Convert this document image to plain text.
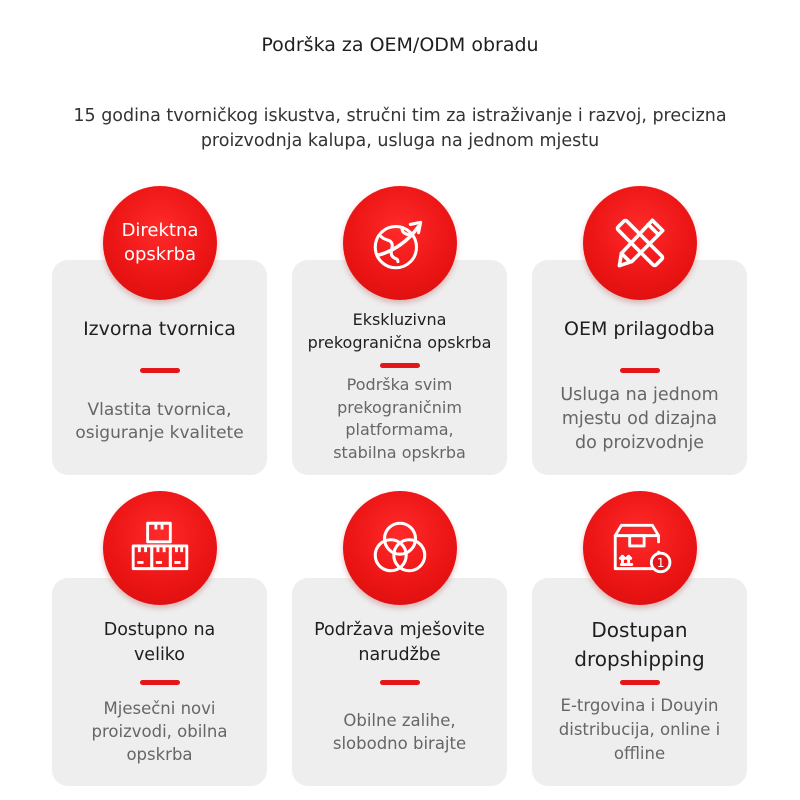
Podrška za OEM/ODM obradu
15 godina tvorničkog iskustva, stručni tim za istraživanje i razvoj, precizna
proizvodnja kalupa, usluga na jednom mjestu
Izvorna tvornica
Vlastita tvornica,
osiguranje kvalitete
Direktna
opskrba
Ekskluzivna
prekogranična opskrba
Podrška svim
prekograničnim
platformama,
stabilna opskrba
OEM prilagodba
Usluga na jednom
mjestu od dizajna
do proizvodnje
Dostupno na
veliko
Mjesečni novi
proizvodi, obilna
opskrba
Podržava mješovite
narudžbe
Obilne zalihe,
slobodno birajte
Dostupan
dropshipping
E-trgovina i Douyin
distribucija, online i
offline
1
